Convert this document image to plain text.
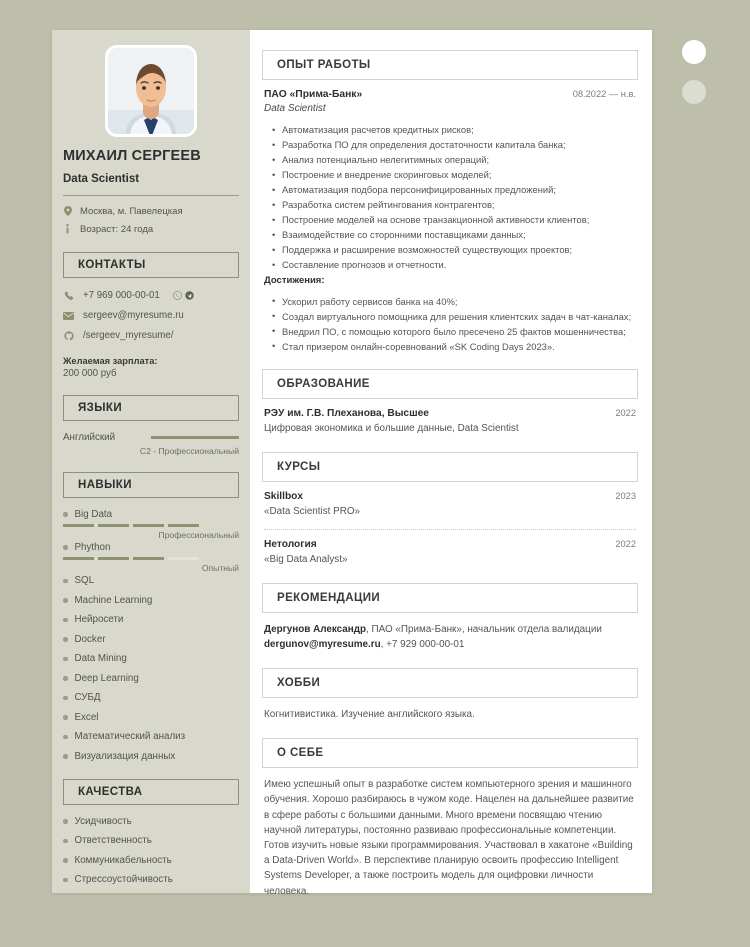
МИХАИЛ СЕРГЕЕВ
Data Scientist
Москва, м. Павелецкая
Возраст: 24 года
КОНТАКТЫ
+7 969 000-00-01
sergeev@myresume.ru
/sergeev_myresume/
Желаемая зарплата:
200 000 руб
ЯЗЫКИ
Английский
C2 - Профессиональный
НАВЫКИ
Big Data
Профессиональный
Phython
Опытный
SQL
Machine Learning
Нейросети
Docker
Data Mining
Deep Learning
СУБД
Excel
Математический анализ
Визуализация данных
КАЧЕСТВА
Усидчивость
Ответственность
Коммуникабельность
Стрессоустойчивость
ОПЫТ РАБОТЫ
ПАО «Прима-Банк»	08.2022 — н.в.
Data Scientist
• Автоматизация расчетов кредитных рисков;
• Разработка ПО для определения достаточности капитала банка;
• Анализ потенциально нелегитимных операций;
• Построение и внедрение скоринговых моделей;
• Автоматизация подбора персонифицированных предложений;
• Разработка систем рейтингования контрагентов;
• Построение моделей на основе транзакционной активности клиентов;
• Взаимодействие со сторонними поставщиками данных;
• Поддержка и расширение возможностей существующих проектов;
• Составление прогнозов и отчетности.
Достижения:
• Ускорил работу сервисов банка на 40%;
• Создал виртуального помощника для решения клиентских задач в чат-каналах;
• Внедрил ПО, с помощью которого было пресечено 25 фактов мошенничества;
• Стал призером онлайн-соревнований «SK Coding Days 2023».
ОБРАЗОВАНИЕ
РЭУ им. Г.В. Плеханова, Высшее	2022
Цифровая экономика и большие данные, Data Scientist
КУРСЫ
Skillbox	2023
«Data Scientist PRO»
Нетология	2022
«Big Data Analyst»
РЕКОМЕНДАЦИИ
Дергунов Александр, ПАО «Прима-Банк», начальник отдела валидации
dergunov@myresume.ru, +7 929 000-00-01
ХОББИ
Когнитивистика. Изучение английского языка.
О СЕБЕ
Имею успешный опыт в разработке систем компьютерного зрения и машинного обучения. Хорошо разбираюсь в чужом коде. Нацелен на дальнейшее развитие в сфере работы с большими данными. Много времени посвящаю чтению научной литературы, постоянно развиваю профессиональные компетенции. Готов изучить новые языки программирования. Участвовал в хакатоне «Building a Data-Driven World». В перспективе планирую освоить профессию Intelligent Systems Developer, а также построить модель для оцифровки личности человека.
